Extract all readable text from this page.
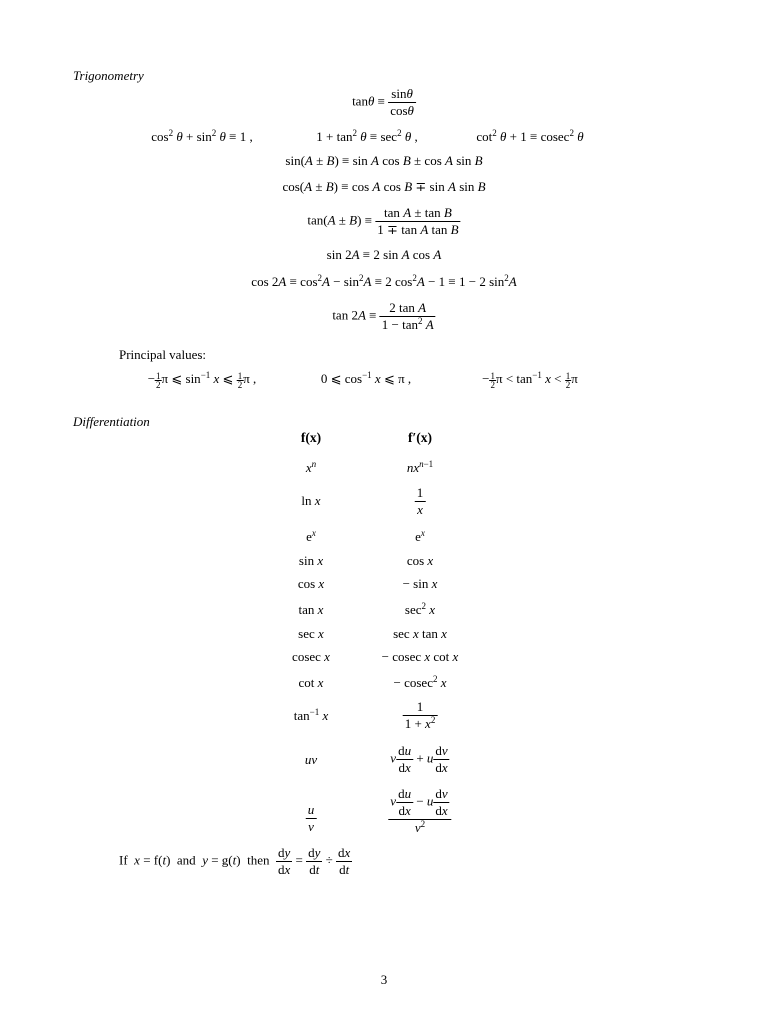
Trigonometry
$\tan\theta \equiv \frac{\sin\theta}{\cos\theta}$
$\cos^2 \theta + \sin^2 \theta \equiv 1$ ,	$1 + \tan^2 \theta \equiv \sec^2 \theta$ ,	$\cot^2 \theta + 1 \equiv cosec^2$ θ
sin(A ± B) ≡ sin A cos B ± cos A sin B
cos(A ± B) ≡ cos A cos B ∓ sin A sin B
$\tan(A \pm B) \equiv \frac{\text{tan A ± tan B}}{\text{1 ∓ tan A tan B}}$
sin 2A ≡ 2 sin A cos A
$\cos 2A \equiv \cos^2A - \sin^2A \equiv 2$ $\cos^2A - 1 \equiv 1 - 2$ $\sin^2A$
$\tan 2A \equiv \frac{\text{2 tan A}}{1 - \tan^2 A}$
Principal values:
− $\frac{1}{2}$ π ⩽ $\sin^{-1} x$ ⩽ $\frac{1}{2}$ π ,	0 ⩽ $\cos^{-1} x$ ⩽ π ,	− $\frac{1}{2}$ $\pi < \tan^{-1} x < \frac{1}{2}$ π
Differentiation
f(x)	f′(x)
$x^n$	$nx^{n-1}$
ln x	$\frac{1}{x}$
$e^x$	$e^x$
sin x	cos x
cos x	− sin x
tan x	$\sec^2 x$
sec x	sec x tan x
cosec x	− cosec x cot x
cot x	− cosec$^2$ x
$\tan^{-1} x$	$\frac{1}{1 + x^2}$
uv	v $\frac{du}{dx} + u \frac{dv}{dx}$
$\frac{u}{v}$	$\frac{v \frac{du}{dx} - u \frac{dv}{dx}}{v^2}$
If  x = f(t)  and  y = g(t)  then $\frac{dy}{dx} = \frac{dy}{dt} \div \frac{dx}{dt}$
3
